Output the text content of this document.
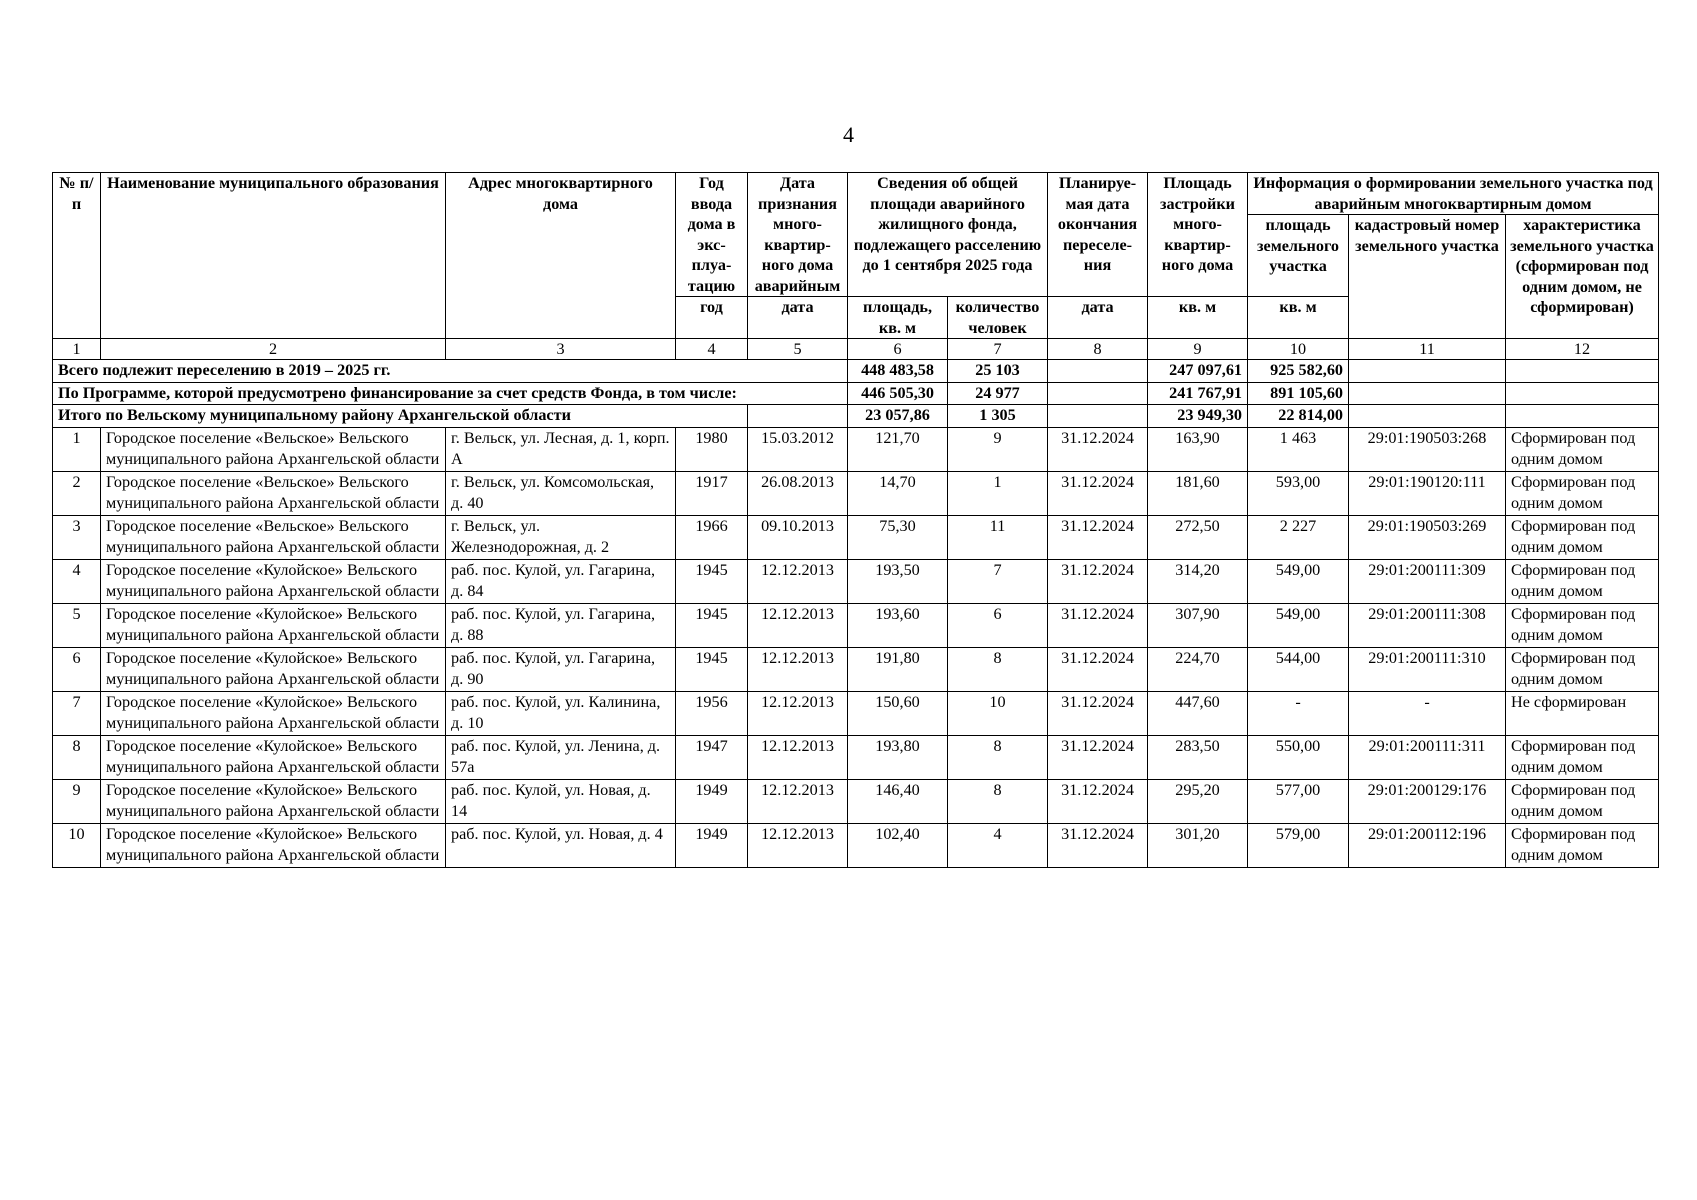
4
№ п/п	Наименование муниципального образования	Адрес многоквартирного дома	Год ввода дома в экс- плуа- тацию	Дата признания много- квартир- ного дома аварийным	Сведения об общей площади аварийного жилищного фонда, подлежащего расселению до 1 сентября 2025 года		Планируе- мая дата окончания переселе- ния	Площадь застройки много- квартир- ного дома	Информация о формировании земельного участка под аварийным многоквартирным домом		
									площадь земельного участка	кадастровый номер земельного участка	характеристика земельного участка (сформирован под одним домом, не сформирован)
			год	дата	площадь, кв. м	количество человек	дата	кв. м	кв. м		
1	2	3	4	5	6	7	8	9	10	11	12
Всего подлежит переселению в 2019 – 2025 гг.					448 483,58	25 103		247 097,61	925 582,60		
По Программе, которой предусмотрено финансирование за счет средств Фонда, в том числе:					446 505,30	24 977		241 767,91	891 105,60		
Итого по Вельскому муниципальному району Архангельской области					23 057,86	1 305		23 949,30	22 814,00		
1	Городское поселение «Вельское» Вельского муниципального района Архангельской области	г. Вельск, ул. Лесная, д. 1, корп. А	1980	15.03.2012	121,70	9	31.12.2024	163,90	1 463	29:01:190503:268	Сформирован под одним домом
2	Городское поселение «Вельское» Вельского муниципального района Архангельской области	г. Вельск, ул. Комсомольская, д. 40	1917	26.08.2013	14,70	1	31.12.2024	181,60	593,00	29:01:190120:111	Сформирован под одним домом
3	Городское поселение «Вельское» Вельского муниципального района Архангельской области	г. Вельск, ул. Железнодорожная, д. 2	1966	09.10.2013	75,30	11	31.12.2024	272,50	2 227	29:01:190503:269	Сформирован под одним домом
4	Городское поселение «Кулойское» Вельского муниципального района Архангельской области	раб. пос. Кулой, ул. Гагарина, д. 84	1945	12.12.2013	193,50	7	31.12.2024	314,20	549,00	29:01:200111:309	Сформирован под одним домом
5	Городское поселение «Кулойское» Вельского муниципального района Архангельской области	раб. пос. Кулой, ул. Гагарина, д. 88	1945	12.12.2013	193,60	6	31.12.2024	307,90	549,00	29:01:200111:308	Сформирован под одним домом
6	Городское поселение «Кулойское» Вельского муниципального района Архангельской области	раб. пос. Кулой, ул. Гагарина, д. 90	1945	12.12.2013	191,80	8	31.12.2024	224,70	544,00	29:01:200111:310	Сформирован под одним домом
7	Городское поселение «Кулойское» Вельского муниципального района Архангельской области	раб. пос. Кулой, ул. Калинина, д. 10	1956	12.12.2013	150,60	10	31.12.2024	447,60	-	-	Не сформирован
8	Городское поселение «Кулойское» Вельского муниципального района Архангельской области	раб. пос. Кулой, ул. Ленина, д. 57а	1947	12.12.2013	193,80	8	31.12.2024	283,50	550,00	29:01:200111:311	Сформирован под одним домом
9	Городское поселение «Кулойское» Вельского муниципального района Архангельской области	раб. пос. Кулой, ул. Новая, д. 14	1949	12.12.2013	146,40	8	31.12.2024	295,20	577,00	29:01:200129:176	Сформирован под одним домом
10	Городское поселение «Кулойское» Вельского муниципального района Архангельской области	раб. пос. Кулой, ул. Новая, д. 4	1949	12.12.2013	102,40	4	31.12.2024	301,20	579,00	29:01:200112:196	Сформирован под одним домом
